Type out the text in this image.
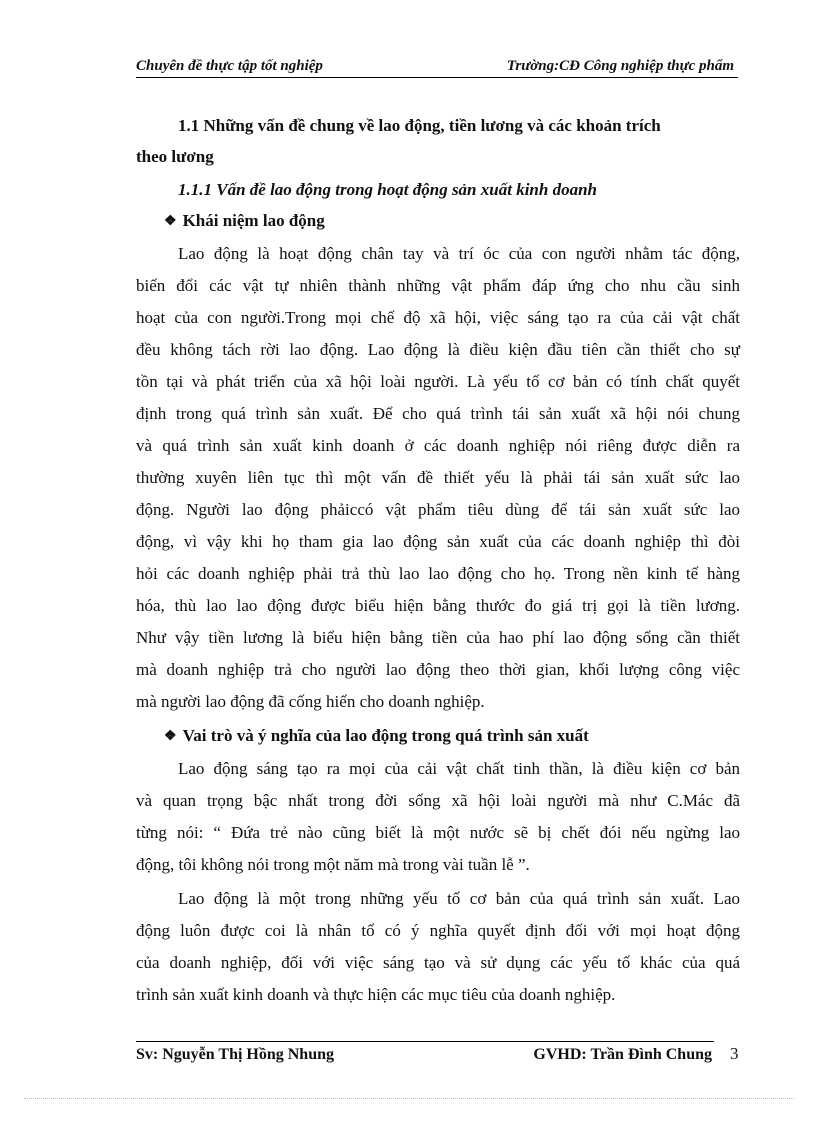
Chuyên đề thực tập tốt nghiệp	Trường:CĐ Công nghiệp thực phẩm
1.1 Những vấn đề chung về lao động, tiền lương và các khoản trích
theo lương
1.1.1 Vấn đề lao động trong hoạt động sản xuất kinh doanh
❖ Khái niệm lao động
Lao động là hoạt động chân tay và trí óc của con người nhằm tác động,
biến đổi các vật tự nhiên thành những vật phẩm đáp ứng cho nhu cầu sinh
hoạt của con người.Trong mọi chế độ xã hội, việc sáng tạo ra của cải vật chất
đều không tách rời lao động. Lao động là điều kiện đầu tiên cần thiết cho sự
tồn tại và phát triển của xã hội loài người. Là yếu tố cơ bản có tính chất quyết
định trong quá trình sản xuất. Để cho quá trình tái sản xuất xã hội nói chung
và quá trình sản xuất kinh doanh ở các doanh nghiệp nói riêng được diễn ra
thường xuyên liên tục thì một vấn đề thiết yếu là phải tái sản xuất sức lao
động. Người lao động phảiccó vật phẩm tiêu dùng để tái sản xuất sức lao
động, vì vậy khi họ tham gia lao động sản xuất của các doanh nghiệp thì đòi
hỏi các doanh nghiệp phải trả thù lao lao động cho họ. Trong nền kinh tế hàng
hóa, thù lao lao động được biểu hiện bằng thước đo giá trị gọi là tiền lương.
Như vậy tiền lương là biểu hiện bằng tiền của hao phí lao động sống cần thiết
mà doanh nghiệp trả cho người lao động theo thời gian, khối lượng công việc
mà người lao động đã cống hiến cho doanh nghiệp.
❖ Vai trò và ý nghĩa của lao động trong quá trình sản xuất
Lao động sáng tạo ra mọi của cải vật chất tinh thần, là điều kiện cơ bản
và quan trọng bậc nhất trong đời sống xã hội loài người mà như C.Mác đã
từng nói: “ Đứa trẻ nào cũng biết là một nước sẽ bị chết đói nếu ngừng lao
động, tôi không nói trong một năm mà trong vài tuần lễ ”.
Lao động là một trong những yếu tố cơ bản của quá trình sản xuất. Lao
động luôn được coi là nhân tố có ý nghĩa quyết định đối với mọi hoạt động
của doanh nghiệp, đối với việc sáng tạo và sử dụng các yếu tố khác của quá
trình sản xuất kinh doanh và thực hiện các mục tiêu của doanh nghiệp.
Sv: Nguyễn Thị Hồng Nhung	GVHD: Trần Đình Chung 3
